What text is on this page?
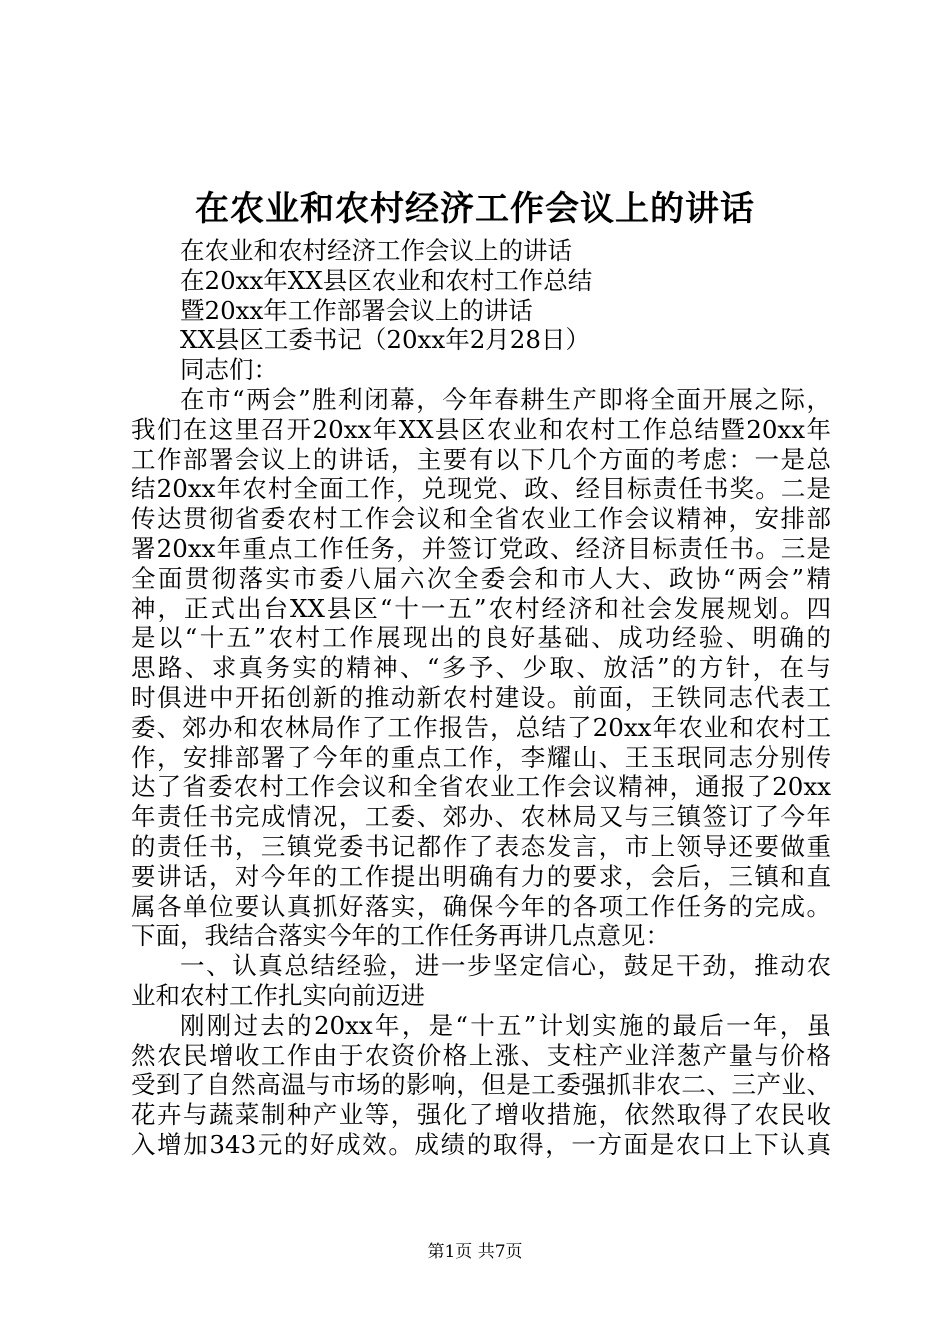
在农业和农村经济工作会议上的讲话
在农业和农村经济工作会议上的讲话
在20xx年XX县区农业和农村工作总结
暨20xx年工作部署会议上的讲话
XX县区工委书记（20xx年2月28日）
同志们：
在市“两会”胜利闭幕，今年春耕生产即将全面开展之际，
我们在这里召开20xx年XX县区农业和农村工作总结暨20xx年
工作部署会议上的讲话，主要有以下几个方面的考虑：一是总
结20xx年农村全面工作，兑现党、政、经目标责任书奖。二是
传达贯彻省委农村工作会议和全省农业工作会议精神，安排部
署20xx年重点工作任务，并签订党政、经济目标责任书。三是
全面贯彻落实市委八届六次全委会和市人大、政协“两会”精
神，正式出台XX县区“十一五”农村经济和社会发展规划。四
是以“十五”农村工作展现出的良好基础、成功经验、明确的
思路、求真务实的精神、“多予、少取、放活”的方针，在与
时俱进中开拓创新的推动新农村建设。前面，王铁同志代表工
委、郊办和农林局作了工作报告，总结了20xx年农业和农村工
作，安排部署了今年的重点工作，李耀山、王玉珉同志分别传
达了省委农村工作会议和全省农业工作会议精神，通报了20xx
年责任书完成情况，工委、郊办、农林局又与三镇签订了今年
的责任书，三镇党委书记都作了表态发言，市上领导还要做重
要讲话，对今年的工作提出明确有力的要求，会后，三镇和直
属各单位要认真抓好落实，确保今年的各项工作任务的完成。
下面，我结合落实今年的工作任务再讲几点意见：
一、认真总结经验，进一步坚定信心，鼓足干劲，推动农
业和农村工作扎实向前迈进
刚刚过去的20xx年，是“十五”计划实施的最后一年，虽
然农民增收工作由于农资价格上涨、支柱产业洋葱产量与价格
受到了自然高温与市场的影响，但是工委强抓非农二、三产业、
花卉与蔬菜制种产业等，强化了增收措施，依然取得了农民收
入增加343元的好成效。成绩的取得，一方面是农口上下认真
第1页 共7页
